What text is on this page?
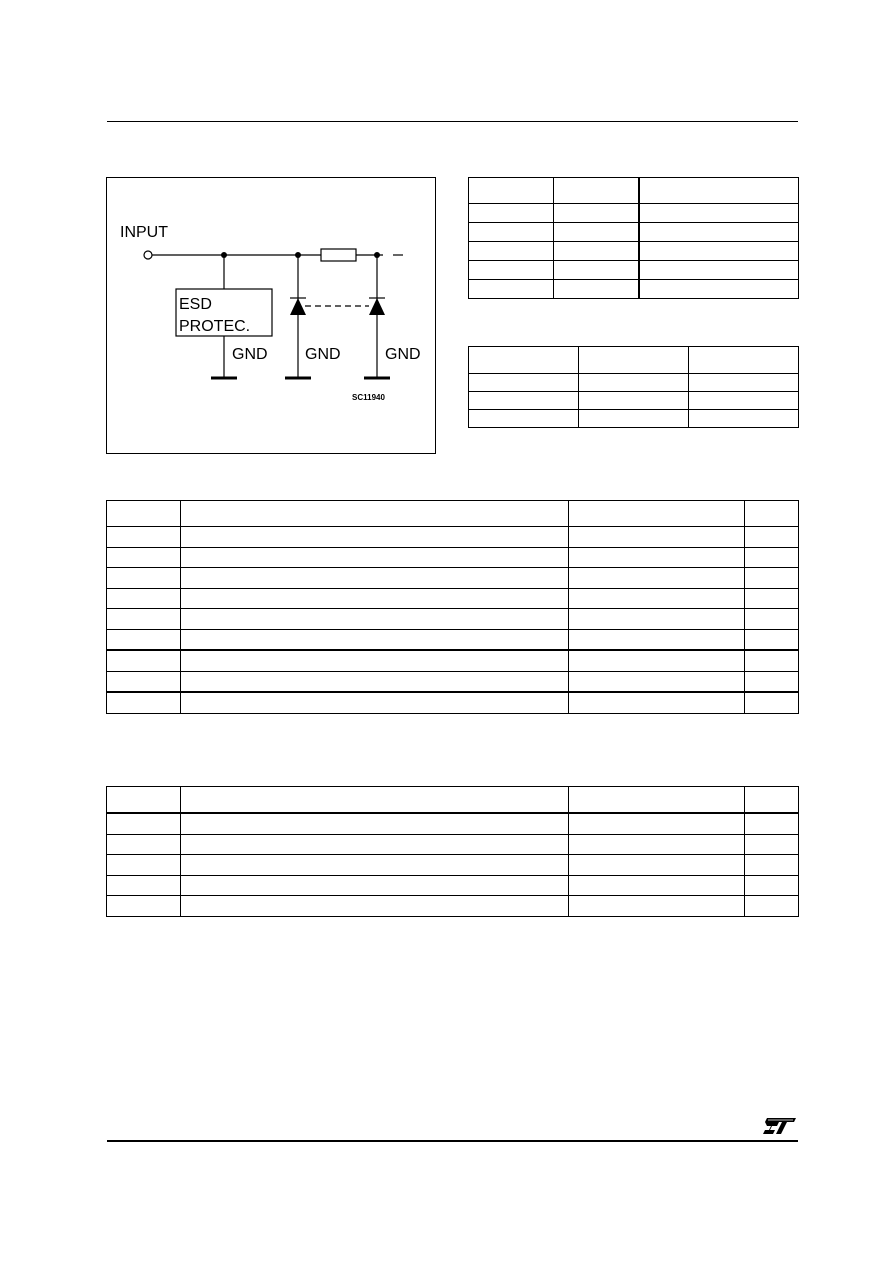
INPUT
ESD
PROTEC.
GND GND	GND
SC11940
